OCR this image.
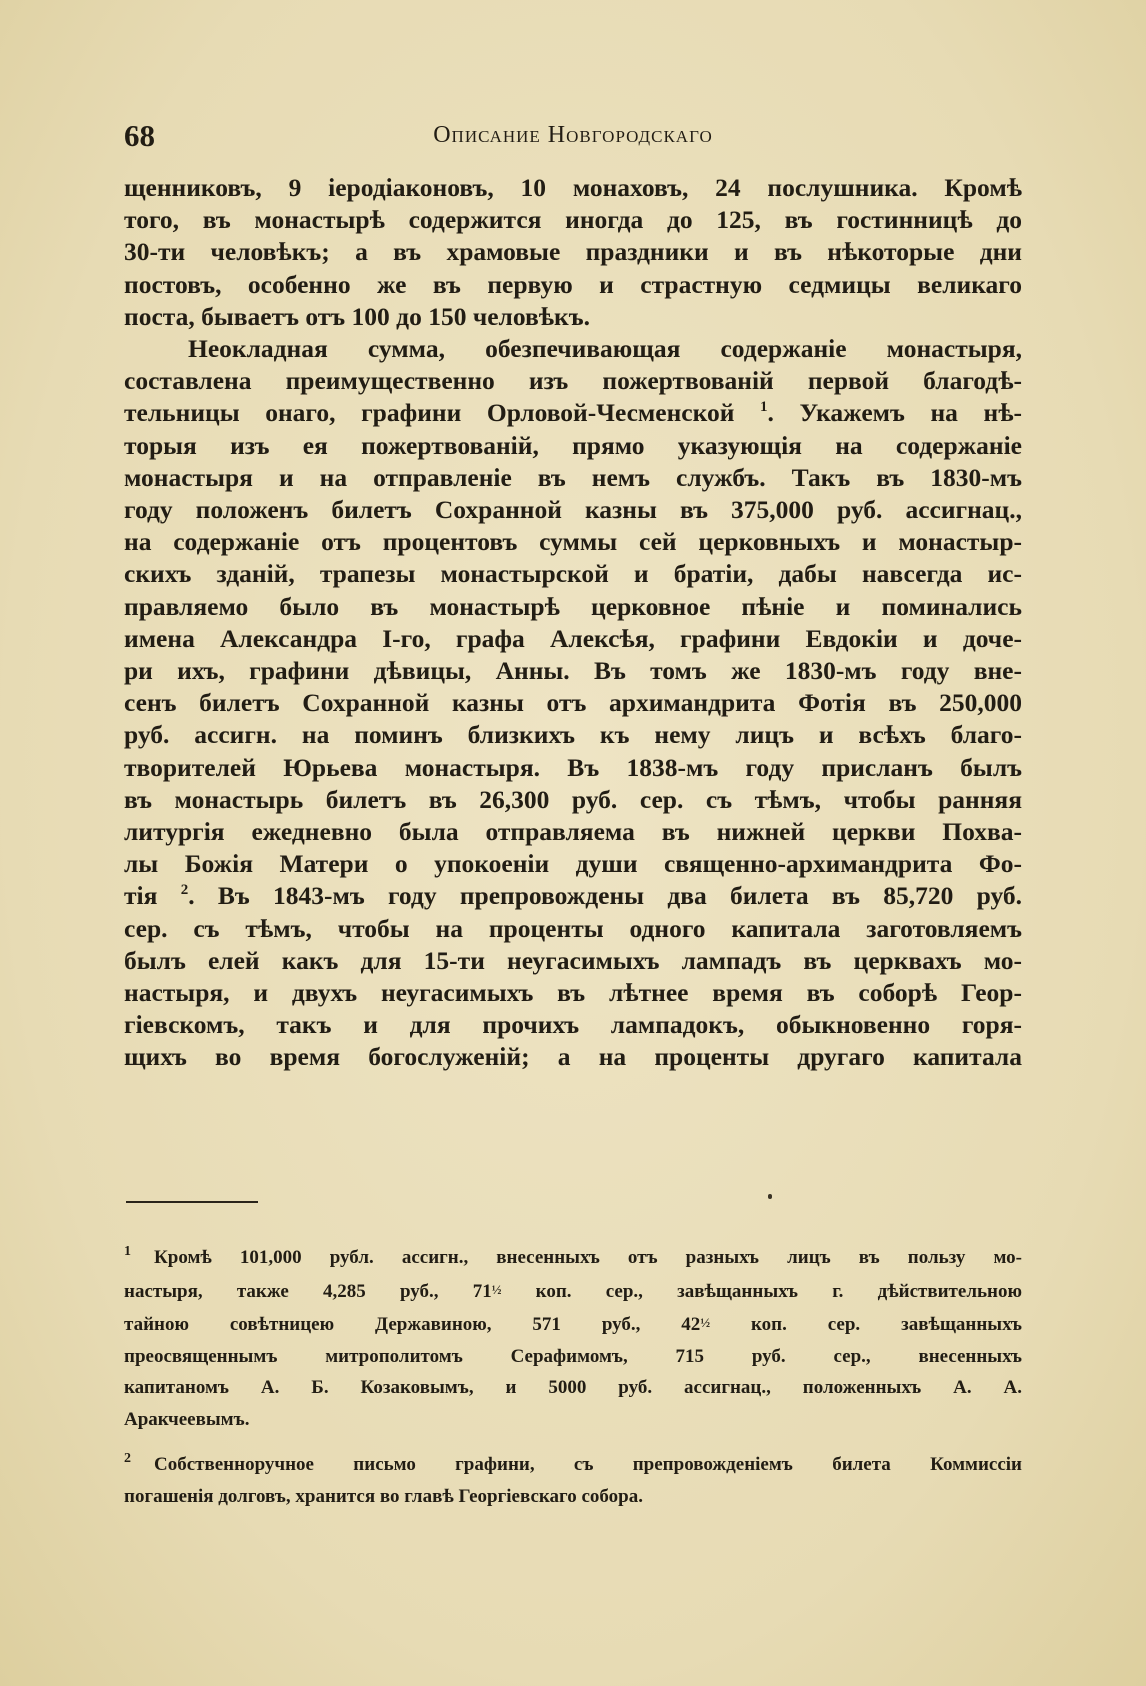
68	Описание Новгородскаго
щенниковъ, 9 іеродіаконовъ, 10 монаховъ, 24 послушника. Кромѣ
того, въ монастырѣ содержится иногда до 125, въ гостинницѣ до
30-ти человѣкъ; а въ храмовые праздники и въ нѣкоторые дни
постовъ, особенно же въ первую и страстную седмицы великаго
поста, бываетъ отъ 100 до 150 человѣкъ.
Неокладная сумма, обезпечивающая содержаніе монастыря,
составлена преимущественно изъ пожертвованій первой благодѣ-
тельницы онаго, графини Орловой-Чесменской $^1$. Укажемъ на нѣ-
торыя изъ ея пожертвованій, прямо указующія на содержаніе
монастыря и на отправленіе въ немъ службъ. Такъ въ 1830-мъ
году положенъ билетъ Сохранной казны въ 375,000 руб. ассигнац.,
на содержаніе отъ процентовъ суммы сей церковныхъ и монастыр-
скихъ зданій, трапезы монастырской и братіи, дабы навсегда ис-
правляемо было въ монастырѣ церковное пѣніе и поминались
имена Александра I-го, графа Алексѣя, графини Евдокіи и доче-
ри ихъ, графини дѣвицы, Анны. Въ томъ же 1830-мъ году вне-
сенъ билетъ Сохранной казны отъ архимандрита Фотія въ 250,000
руб. ассигн. на поминъ близкихъ къ нему лицъ и всѣхъ благо-
творителей Юрьева монастыря. Въ 1838-мъ году присланъ былъ
въ монастырь билетъ въ 26,300 руб. сер. съ тѣмъ, чтобы ранняя
литургія ежедневно была отправляема въ нижней церкви Похва-
лы Божія Матери о упокоеніи души священно-архимандрита Фо-
тія $^2$. Въ 1843-мъ году препровождены два билета въ 85,720 руб.
сер. съ тѣмъ, чтобы на проценты одного капитала заготовляемъ
былъ елей какъ для 15-ти неугасимыхъ лампадъ въ церквахъ мо-
настыря, и двухъ неугасимыхъ въ лѣтнее время въ соборѣ Геор-
гіевскомъ, такъ и для прочихъ лампадокъ, обыкновенно горя-
щихъ во время богослуженій; а на проценты другаго капитала
1	Кромѣ 101,000 рубл. ассигн., внесенныхъ отъ разныхъ лицъ въ пользу мо-
настыря, также 4,285 руб., 71½ коп. сер., завѣщанныхъ г. дѣйствительною
тайною совѣтницею Державиною, 571 руб., 42½ коп. сер. завѣщанныхъ
преосвященнымъ митрополитомъ Серафимомъ, 715 руб. сер., внесенныхъ
капитаномъ А. Б. Козаковымъ, и 5000 руб. ассигнац., положенныхъ А. А.
Аракчеевымъ.
2	Собственноручное письмо графини, съ препровожденіемъ билета Коммиссіи
погашенія долговъ, хранится во главѣ Георгіевскаго собора.
